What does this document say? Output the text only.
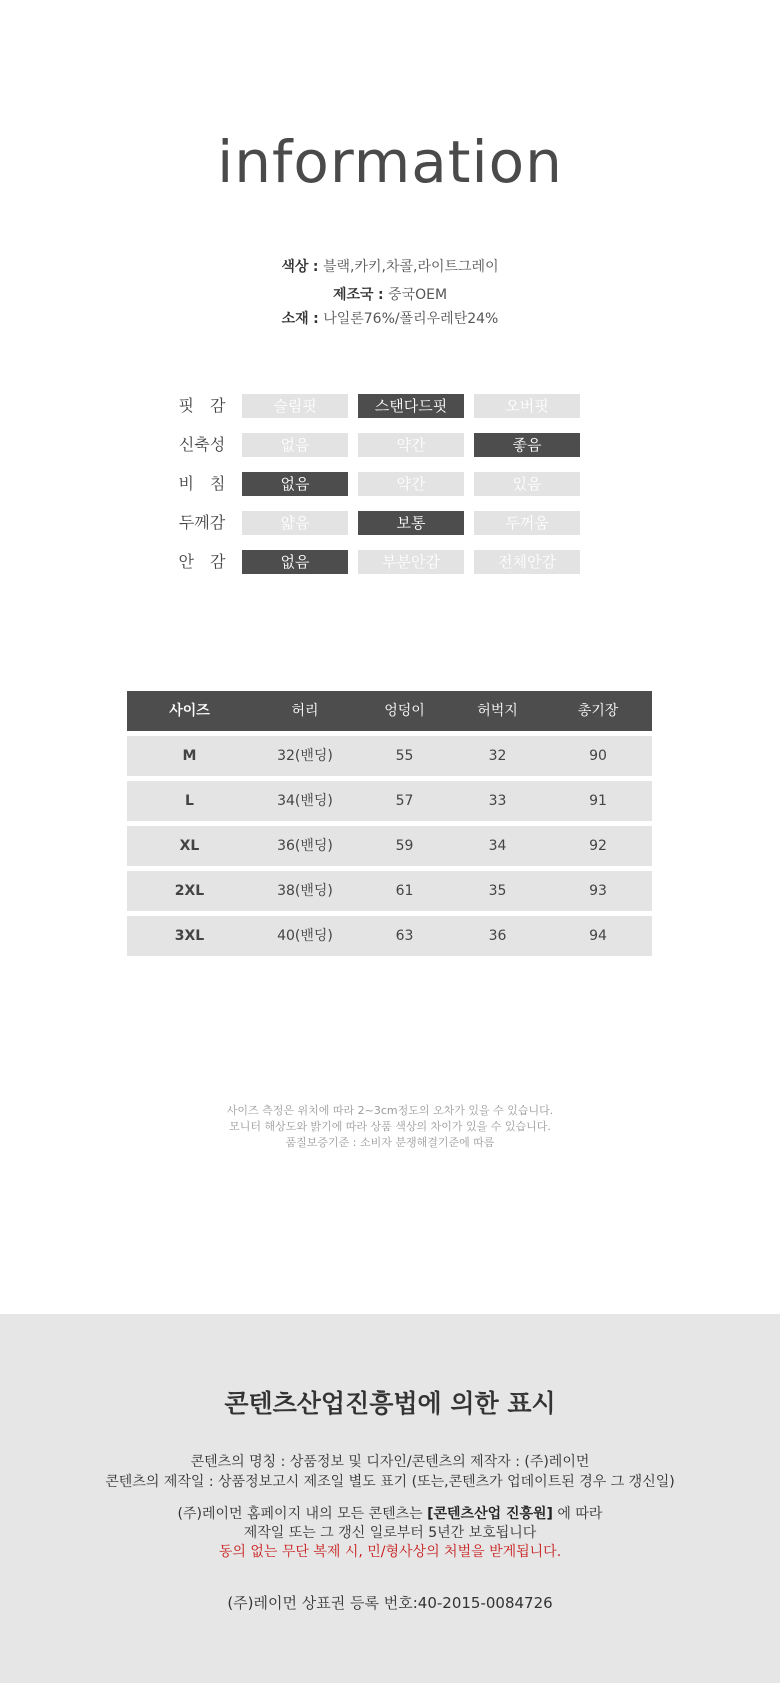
information
색상 : 블랙,카키,차콜,라이트그레이
제조국 : 중국OEM
소재 : 나일론76%/폴리우레탄24%
핏　감	슬림핏	스탠다드핏	오버핏
신축성	없음	약간	좋음
비　침	없음	약간	있음
두께감	얇음	보통	두꺼움
안　감	없음	부분안감	전체안감
사이즈	허리	엉덩이	허벅지	총기장
M	32(밴딩)	55	32	90
L	34(밴딩)	57	33	91
XL	36(밴딩)	59	34	92
2XL	38(밴딩)	61	35	93
3XL	40(밴딩)	63	36	94
사이즈 측정은 위치에 따라 2~3cm정도의 오차가 있을 수 있습니다.
모니터 해상도와 밝기에 따라 상품 색상의 차이가 있을 수 있습니다.
품질보증기준 : 소비자 분쟁해결기준에 따름
콘텐츠산업진흥법에 의한 표시
콘텐츠의 명칭 : 상품정보 및 디자인/콘텐츠의 제작자 : (주)레이먼
콘텐츠의 제작일 : 상품정보고시 제조일 별도 표기 (또는,콘텐츠가 업데이트된 경우 그 갱신일)
(주)레이먼 홈페이지 내의 모든 콘텐츠는 [콘텐츠산업 진흥원] 에 따라
제작일 또는 그 갱신 일로부터 5년간 보호됩니다
동의 없는 무단 복제 시, 민/형사상의 처벌을 받게됩니다.
(주)레이먼 상표권 등록 번호:40-2015-0084726
